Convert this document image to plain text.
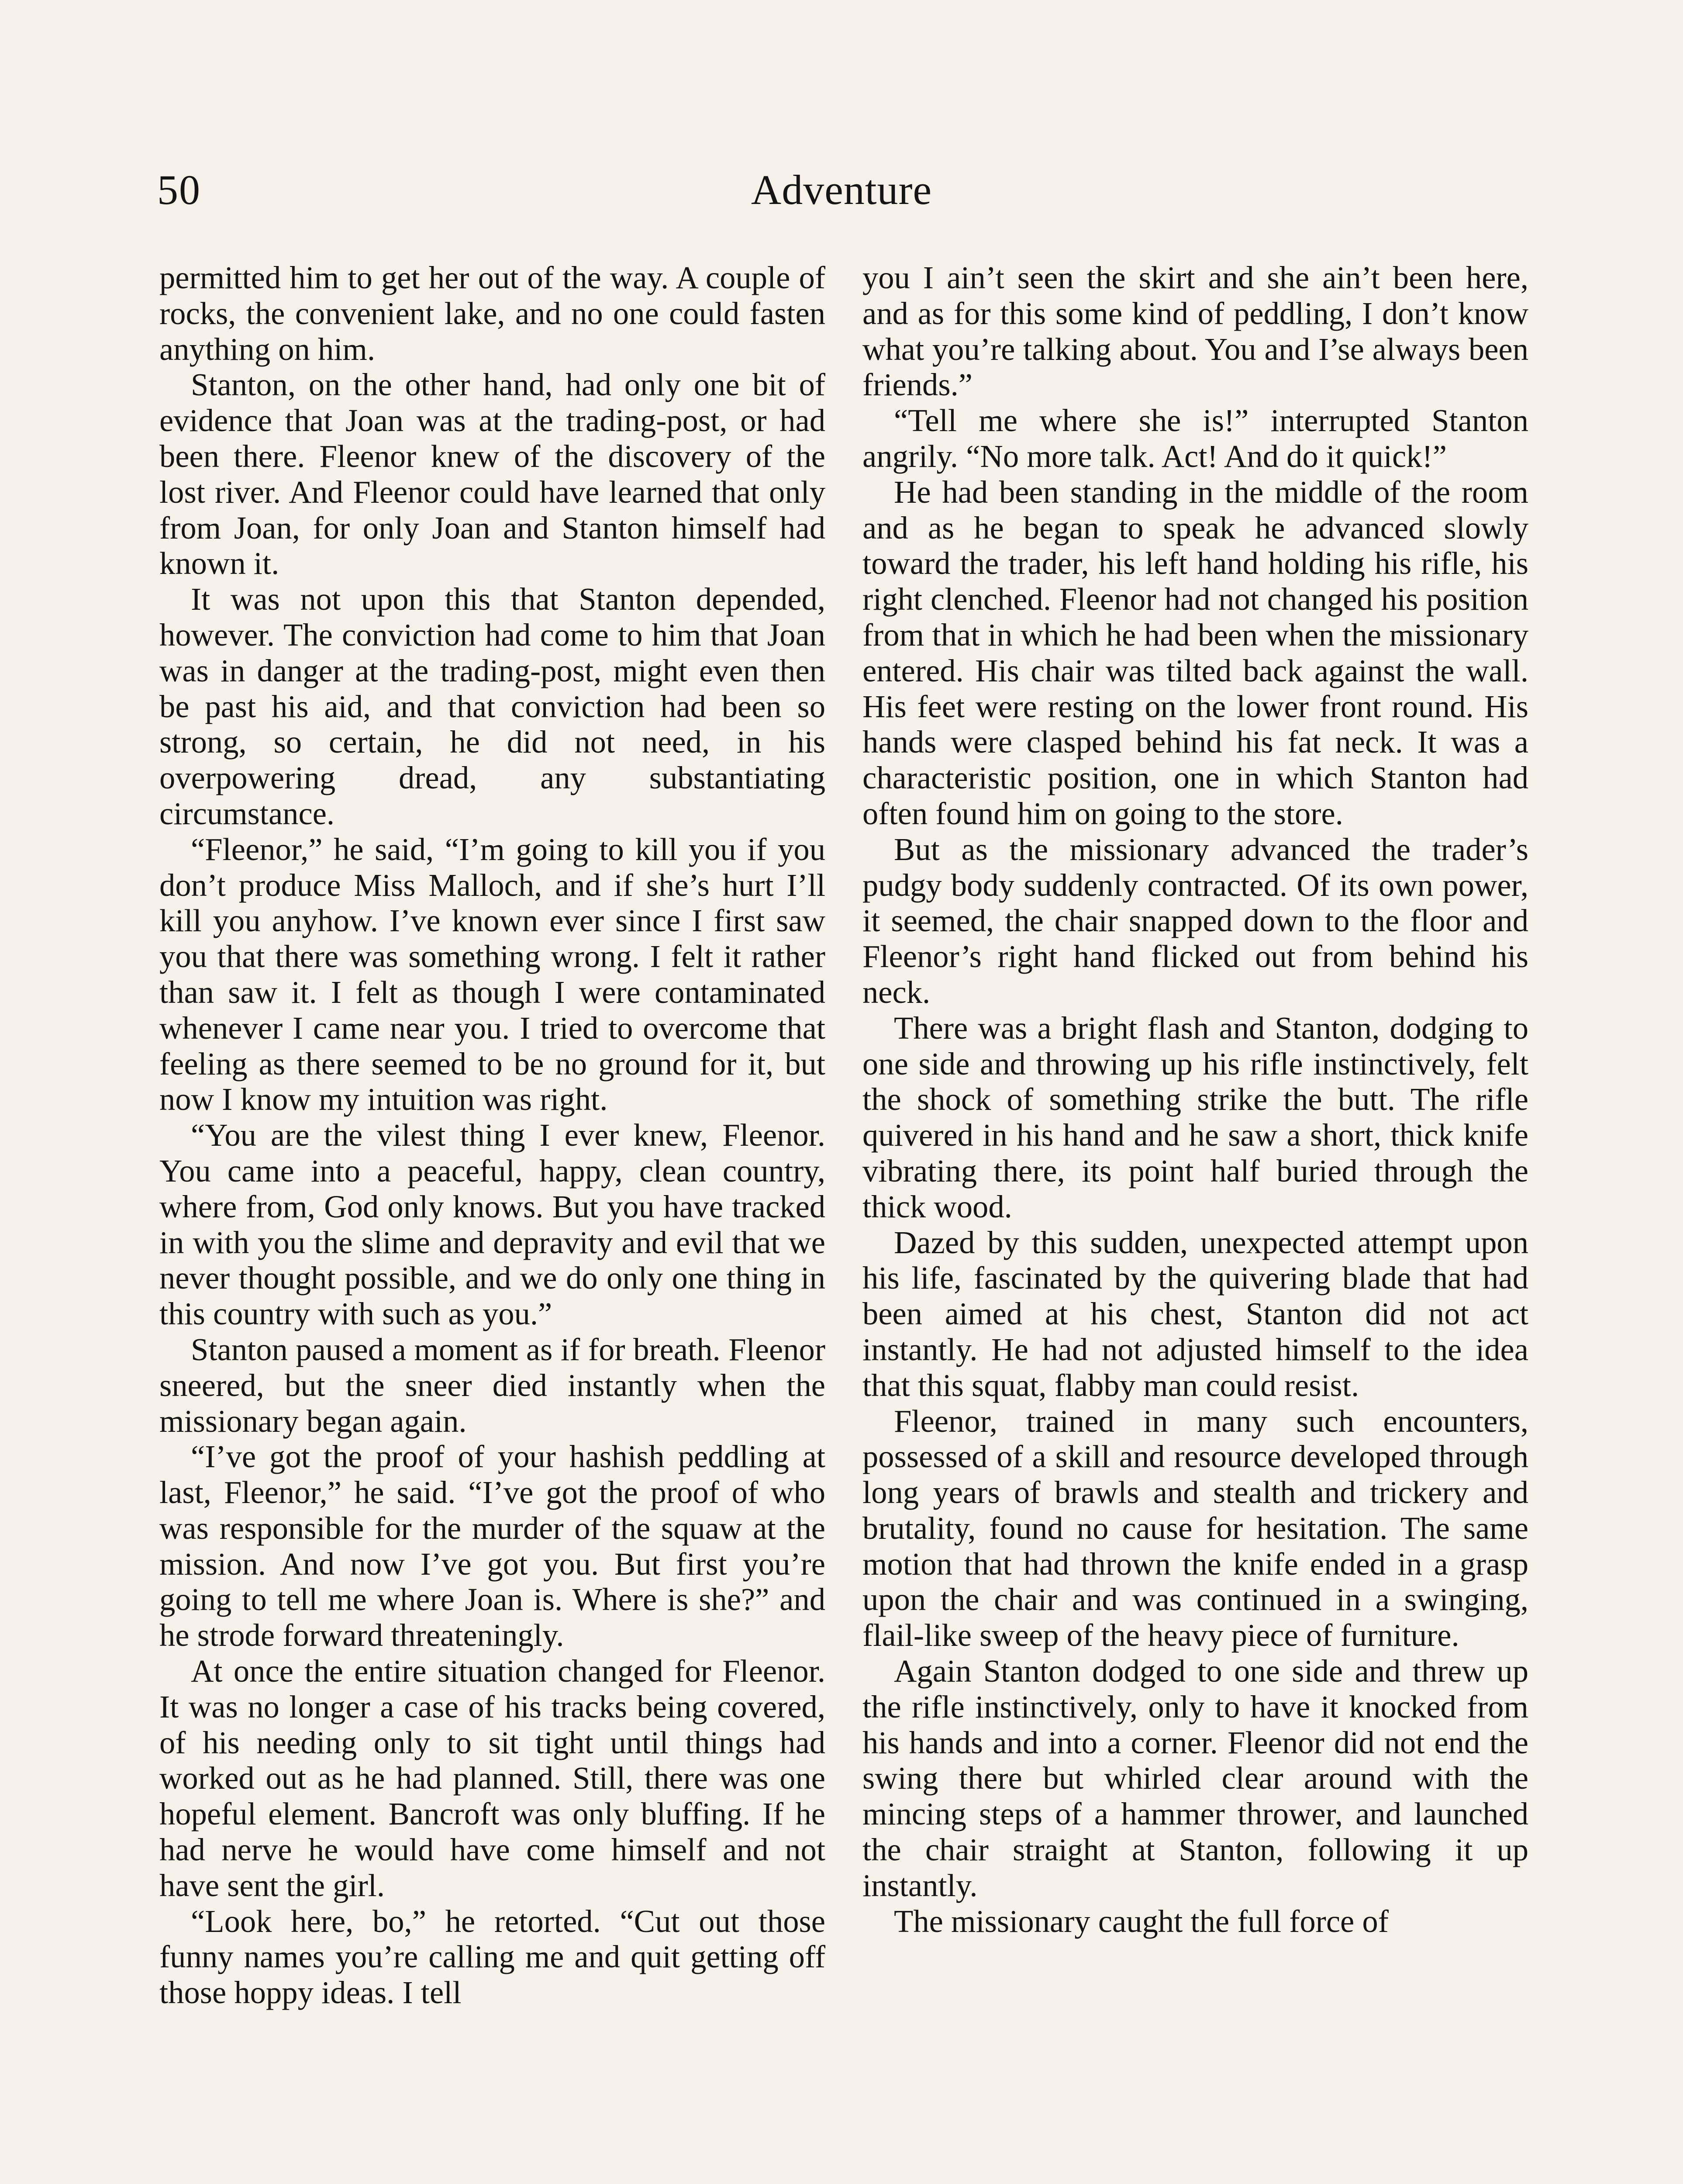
50	Adventure

permitted him to get her out of the way. A couple of rocks, the convenient lake, and no one could fasten anything on him.

Stanton, on the other hand, had only one bit of evidence that Joan was at the trading-post, or had been there. Fleenor knew of the discovery of the lost river. And Fleenor could have learned that only from Joan, for only Joan and Stanton himself had known it.

It was not upon this that Stanton depended, however. The conviction had come to him that Joan was in danger at the trading-post, might even then be past his aid, and that conviction had been so strong, so certain, he did not need, in his overpowering dread, any substantiating circumstance.

“Fleenor,” he said, “I’m going to kill you if you don’t produce Miss Malloch, and if she’s hurt I’ll kill you anyhow. I’ve known ever since I first saw you that there was something wrong. I felt it rather than saw it. I felt as though I were contaminated whenever I came near you. I tried to overcome that feeling as there seemed to be no ground for it, but now I know my intuition was right.

“You are the vilest thing I ever knew, Fleenor. You came into a peaceful, happy, clean country, where from, God only knows. But you have tracked in with you the slime and depravity and evil that we never thought possible, and we do only one thing in this country with such as you.”

Stanton paused a moment as if for breath. Fleenor sneered, but the sneer died instantly when the missionary began again.

“I’ve got the proof of your hashish peddling at last, Fleenor,” he said. “I’ve got the proof of who was responsible for the murder of the squaw at the mission. And now I’ve got you. But first you’re going to tell me where Joan is. Where is she?” and he strode forward threateningly.

At once the entire situation changed for Fleenor. It was no longer a case of his tracks being covered, of his needing only to sit tight until things had worked out as he had planned. Still, there was one hopeful element. Bancroft was only bluffing. If he had nerve he would have come himself and not have sent the girl.

“Look here, bo,” he retorted. “Cut out those funny names you’re calling me and quit getting off those hoppy ideas. I tell

you I ain’t seen the skirt and she ain’t been here, and as for this some kind of peddling, I don’t know what you’re talking about. You and I’se always been friends.”

“Tell me where she is!” interrupted Stanton angrily. “No more talk. Act! And do it quick!”

He had been standing in the middle of the room and as he began to speak he advanced slowly toward the trader, his left hand holding his rifle, his right clenched. Fleenor had not changed his position from that in which he had been when the missionary entered. His chair was tilted back against the wall. His feet were resting on the lower front round. His hands were clasped behind his fat neck. It was a characteristic position, one in which Stanton had often found him on going to the store.

But as the missionary advanced the trader’s pudgy body suddenly contracted. Of its own power, it seemed, the chair snapped down to the floor and Fleenor’s right hand flicked out from behind his neck.

There was a bright flash and Stanton, dodging to one side and throwing up his rifle instinctively, felt the shock of something strike the butt. The rifle quivered in his hand and he saw a short, thick knife vibrating there, its point half buried through the thick wood.

Dazed by this sudden, unexpected attempt upon his life, fascinated by the quivering blade that had been aimed at his chest, Stanton did not act instantly. He had not adjusted himself to the idea that this squat, flabby man could resist.

Fleenor, trained in many such encounters, possessed of a skill and resource developed through long years of brawls and stealth and trickery and brutality, found no cause for hesitation. The same motion that had thrown the knife ended in a grasp upon the chair and was continued in a swinging, flail-like sweep of the heavy piece of furniture.

Again Stanton dodged to one side and threw up the rifle instinctively, only to have it knocked from his hands and into a corner. Fleenor did not end the swing there but whirled clear around with the mincing steps of a hammer thrower, and launched the chair straight at Stanton, following it up instantly.

The missionary caught the full force of
